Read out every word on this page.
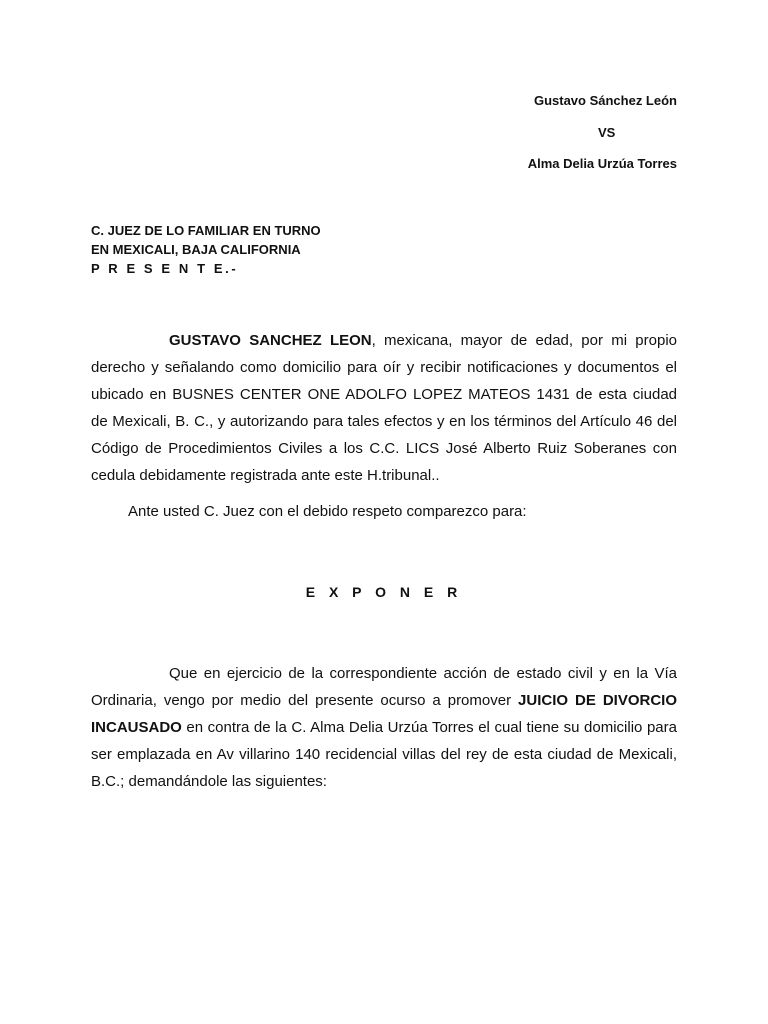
Gustavo Sánchez León
VS
Alma Delia Urzúa Torres
C. JUEZ DE LO FAMILIAR EN TURNO
EN MEXICALI, BAJA CALIFORNIA
P R E S E N T E.-

GUSTAVO SANCHEZ LEON, mexicana, mayor de edad, por mi propio derecho y señalando como domicilio para oír y recibir notificaciones y documentos el ubicado en BUSNES CENTER ONE ADOLFO LOPEZ MATEOS 1431 de esta ciudad de Mexicali, B. C., y autorizando para tales efectos y en los términos del Artículo 46 del Código de Procedimientos Civiles a los C.C. LICS José Alberto Ruiz Soberanes con cedula debidamente registrada ante este H.tribunal..

Ante usted C. Juez con el debido respeto comparezco para:
E X P O N E R

Que en ejercicio de la correspondiente acción de estado civil y en la Vía Ordinaria, vengo por medio del presente ocurso a promover JUICIO DE DIVORCIO INCAUSADO en contra de la C. Alma Delia Urzúa Torres el cual tiene su domicilio para ser emplazada en Av villarino 140 recidencial villas del rey de esta ciudad de Mexicali, B.C.; demandándole las siguientes:
